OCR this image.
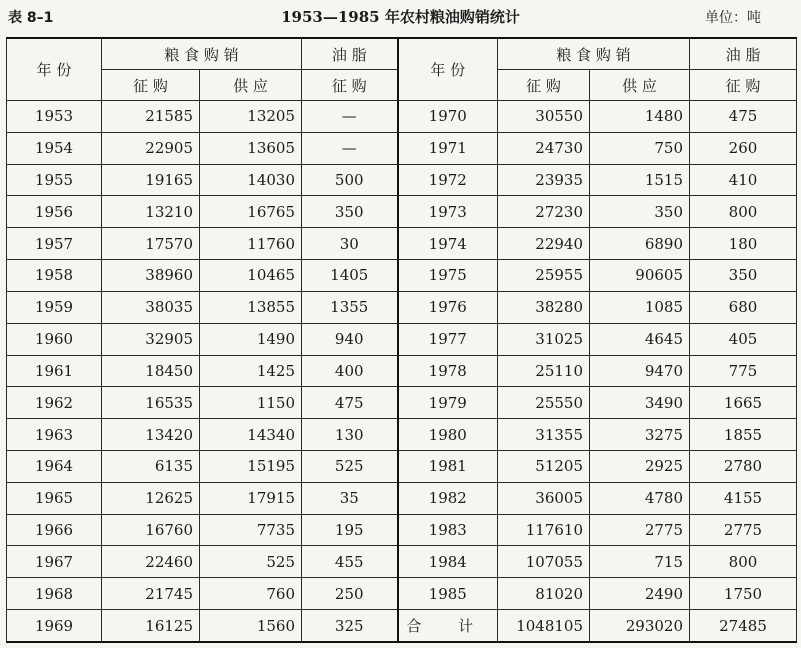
表 8–1	1953—1985 年农村粮油购销统计	单位：吨
年 份	粮 食 购 销		油 脂	年 份	粮 食 购 销		油 脂
	征 购	供 应	征 购		征 购	供 应	征 购
1953	21585	13205	—	1970	30550	1480	475
1954	22905	13605	—	1971	24730	750	260
1955	19165	14030	500	1972	23935	1515	410
1956	13210	16765	350	1973	27230	350	800
1957	17570	11760	30	1974	22940	6890	180
1958	38960	10465	1405	1975	25955	90605	350
1959	38035	13855	1355	1976	38280	1085	680
1960	32905	1490	940	1977	31025	4645	405
1961	18450	1425	400	1978	25110	9470	775
1962	16535	1150	475	1979	25550	3490	1665
1963	13420	14340	130	1980	31355	3275	1855
1964	6135	15195	525	1981	51205	2925	2780
1965	12625	17915	35	1982	36005	4780	4155
1966	16760	7735	195	1983	117610	2775	2775
1967	22460	525	455	1984	107055	715	800
1968	21745	760	250	1985	81020	2490	1750
1969	16125	1560	325	合 计	1048105	293020	27485
